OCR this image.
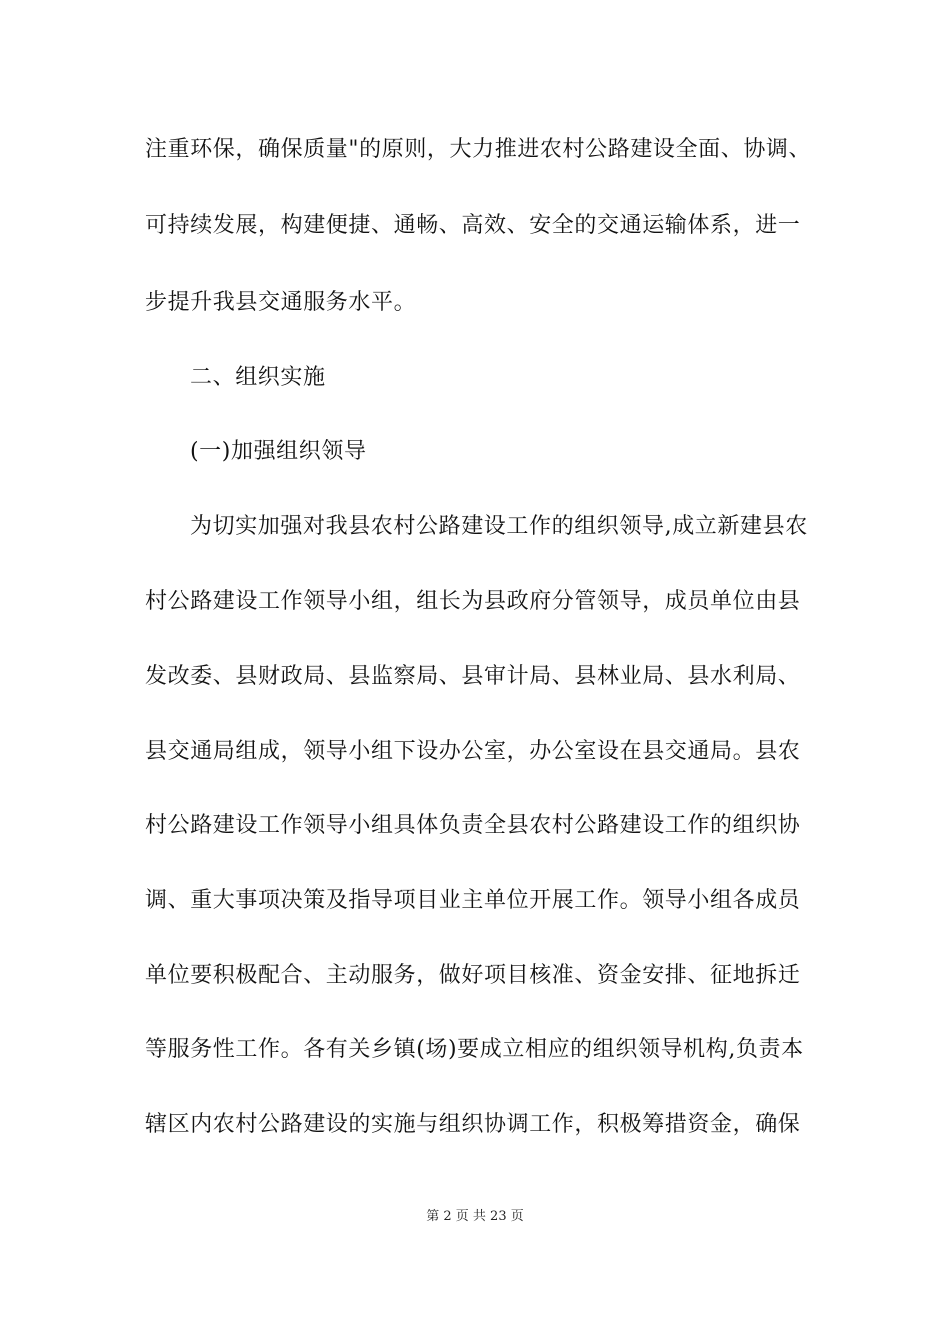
注重环保，确保质量"的原则，大力推进农村公路建设全面、协调、
可持续发展，构建便捷、通畅、高效、安全的交通运输体系，进一
步提升我县交通服务水平。
二、组织实施
(一)加强组织领导
为切实加强对我县农村公路建设工作的组织领导,成立新建县农
村公路建设工作领导小组，组长为县政府分管领导，成员单位由县
发改委、县财政局、县监察局、县审计局、县林业局、县水利局、
县交通局组成，领导小组下设办公室，办公室设在县交通局。县农
村公路建设工作领导小组具体负责全县农村公路建设工作的组织协
调、重大事项决策及指导项目业主单位开展工作。领导小组各成员
单位要积极配合、主动服务，做好项目核准、资金安排、征地拆迁
等服务性工作。各有关乡镇(场)要成立相应的组织领导机构,负责本
辖区内农村公路建设的实施与组织协调工作，积极筹措资金，确保
第 2 页 共 23 页
